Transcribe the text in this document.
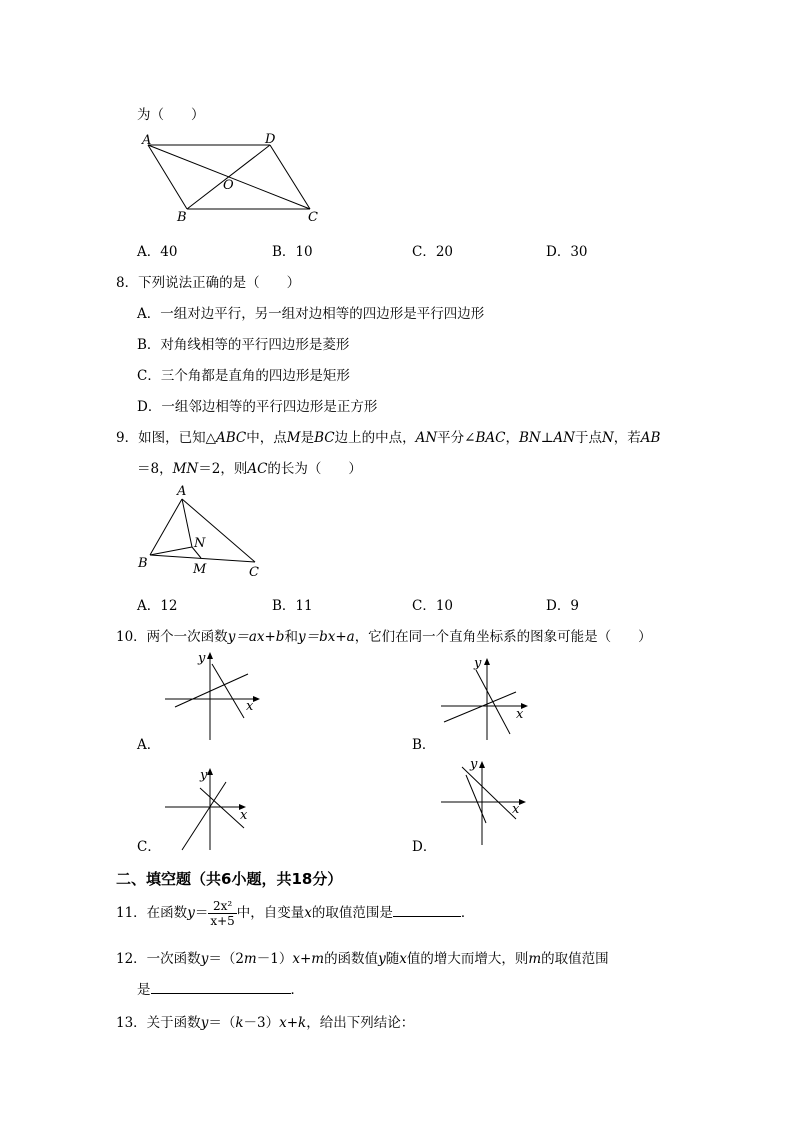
为（　　）
A	D
O
B	C
A．40	B．10	C．20	D．30
8．下列说法正确的是（　　）
A．一组对边平行，另一组对边相等的四边形是平行四边形
B．对角线相等的平行四边形是菱形
C．三个角都是直角的四边形是矩形
D．一组邻边相等的平行四边形是正方形
9．如图，已知△ABC中，点M是BC边上的中点，AN平分∠BAC，BN⊥AN于点N，若AB
＝8，MN＝2，则AC的长为（　　）
A
N
B	M	C
A．12	B．11	C．10	D．9
10．两个一次函数y＝ax+b和y＝bx+a，它们在同一个直角坐标系的图象可能是（　　）
y
x
y
x
A．	B．
y
x
y
x
C．	D．
二、填空题（共6小题，共18分）
11．在函数$y= \frac{\text{2x²}}{x+5}$ 中，自变量x的取值范围是	．
12．一次函数y＝（2m－1）x+m的函数值y随x值的增大而增大，则m的取值范围
是	．
13．关于函数y＝（k－3）x+k，给出下列结论：
